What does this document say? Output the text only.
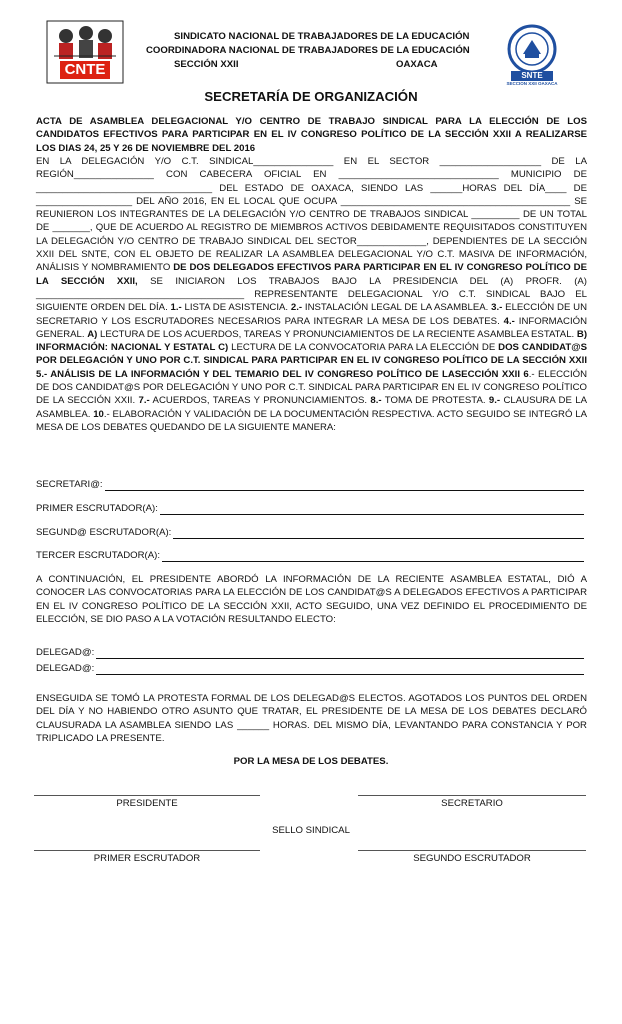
CNTE
SINDICATO NACIONAL DE TRABAJADORES DE LA EDUCACIÓN
COORDINADORA NACIONAL DE TRABAJADORES DE LA EDUCACIÓN
SECCIÓN XXII	OAXACA
SNTE
SECCION XXII OAXACA
SECRETARÍA DE ORGANIZACIÓN

ACTA DE ASAMBLEA DELEGACIONAL Y/O CENTRO DE TRABAJO SINDICAL PARA LA ELECCIÓN DE LOS CANDIDATOS EFECTIVOS PARA PARTICIPAR EN EL IV CONGRESO POLÍTICO DE LA SECCIÓN XXII A REALIZARSE LOS DIAS 24, 25 Y 26 DE NOVIEMBRE DEL 2016

EN LA DELEGACIÓN Y/O C.T. SINDICAL_______________ EN EL SECTOR ___________________ DE LA REGIÓN_______________ CON CABECERA OFICIAL EN ______________________________ MUNICIPIO DE _________________________________ DEL ESTADO DE OAXACA, SIENDO LAS ______HORAS DEL DÍA____ DE __________________ DEL AÑO 2016, EN EL LOCAL QUE OCUPA ___________________________________________ SE REUNIERON LOS INTEGRANTES DE LA DELEGACIÓN Y/O CENTRO DE TRABAJOS SINDICAL _________ DE UN TOTAL DE _______, QUE DE ACUERDO AL REGISTRO DE MIEMBROS ACTIVOS DEBIDAMENTE REQUISITADOS CONSTITUYEN LA DELEGACIÓN Y/O CENTRO DE TRABAJO SINDICAL DEL SECTOR_____________, DEPENDIENTES DE LA SECCIÓN XXII DEL SNTE, CON EL OBJETO DE REALIZAR LA ASAMBLEA DELEGACIONAL Y/O C.T. MASIVA DE INFORMACIÓN, ANÁLISIS Y NOMBRAMIENTO DE DOS DELEGADOS EFECTIVOS PARA PARTICIPAR EN EL IV CONGRESO POLÍTICO DE LA SECCIÓN XXII, SE INICIARON LOS TRABAJOS BAJO LA PRESIDENCIA DEL (A) PROFR. (A) _______________________________________ REPRESENTANTE DELEGACIONAL Y/O C.T. SINDICAL BAJO EL SIGUIENTE ORDEN DEL DÍA. 1.- LISTA DE ASISTENCIA. 2.- INSTALACIÓN LEGAL DE LA ASAMBLEA. 3.- ELECCIÓN DE UN SECRETARIO Y LOS ESCRUTADORES NECESARIOS PARA INTEGRAR LA MESA DE LOS DEBATES. 4.- INFORMACIÓN GENERAL. A) LECTURA DE LOS ACUERDOS, TAREAS Y PRONUNCIAMIENTOS DE LA RECIENTE ASAMBLEA ESTATAL. B) INFORMACIÓN: NACIONAL Y ESTATAL C) LECTURA DE LA CONVOCATORIA PARA LA ELECCIÓN DE DOS CANDIDAT@S POR DELEGACIÓN Y UNO POR C.T. SINDICAL PARA PARTICIPAR EN EL IV CONGRESO POLÍTICO DE LA SECCIÓN XXII 5.- ANÁLISIS DE LA INFORMACIÓN Y DEL TEMARIO DEL IV CONGRESO POLÍTICO DE LASECCIÓN XXII 6.- ELECCIÓN DE DOS CANDIDAT@S POR DELEGACIÓN Y UNO POR C.T. SINDICAL PARA PARTICIPAR EN EL IV CONGRESO POLÍTICO DE LA SECCIÓN XXII. 7.- ACUERDOS, TAREAS Y PRONUNCIAMIENTOS. 8.- TOMA DE PROTESTA. 9.- CLAUSURA DE LA ASAMBLEA. 10.- ELABORACIÓN Y VALIDACIÓN DE LA DOCUMENTACIÓN RESPECTIVA. ACTO SEGUIDO SE INTEGRÓ LA MESA DE LOS DEBATES QUEDANDO DE LA SIGUIENTE MANERA:

SECRETARI@:
PRIMER ESCRUTADOR(A):
SEGUND@ ESCRUTADOR(A):
TERCER ESCRUTADOR(A):

A CONTINUACIÓN, EL PRESIDENTE ABORDÓ LA INFORMACIÓN DE LA RECIENTE ASAMBLEA ESTATAL, DIÓ A CONOCER LAS CONVOCATORIAS PARA LA ELECCIÓN DE LOS CANDIDAT@S A DELEGADOS EFECTIVOS A PARTICIPAR EN EL IV CONGRESO POLÍTICO DE LA SECCIÓN XXII, ACTO SEGUIDO, UNA VEZ DEFINIDO EL PROCEDIMIENTO DE ELECCIÓN, SE DIO PASO A LA VOTACIÓN RESULTANDO ELECTO:

DELEGAD@:
DELEGAD@:

ENSEGUIDA SE TOMÓ LA PROTESTA FORMAL DE LOS DELEGAD@S ELECTOS. AGOTADOS LOS PUNTOS DEL ORDEN DEL DÍA Y NO HABIENDO OTRO ASUNTO QUE TRATAR, EL PRESIDENTE DE LA MESA DE LOS DEBATES DECLARÓ CLAUSURADA LA ASAMBLEA SIENDO LAS ______ HORAS. DEL MISMO DÍA, LEVANTANDO PARA CONSTANCIA Y POR TRIPLICADO LA PRESENTE.

POR LA MESA DE LOS DEBATES.
PRESIDENTE	SECRETARIO
SELLO SINDICAL
PRIMER ESCRUTADOR	SEGUNDO ESCRUTADOR
